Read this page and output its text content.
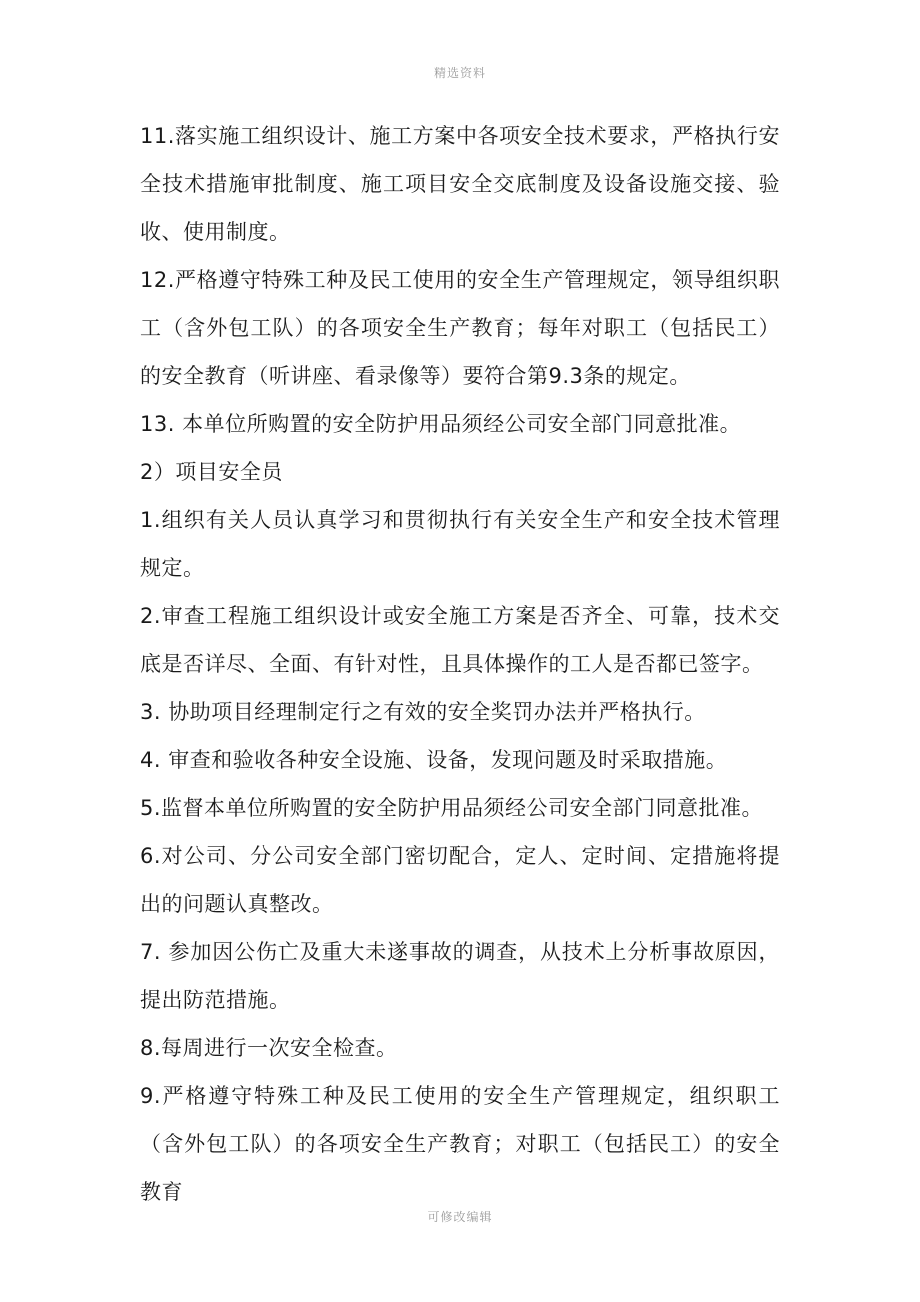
精选资料

11.落实施工组织设计、施工方案中各项安全技术要求，严格执行安全技术措施审批制度、施工项目安全交底制度及设备设施交接、验收、使用制度。

12.严格遵守特殊工种及民工使用的安全生产管理规定，领导组织职工（含外包工队）的各项安全生产教育；每年对职工（包括民工）的安全教育（听讲座、看录像等）要符合第9.3条的规定。

13. 本单位所购置的安全防护用品须经公司安全部门同意批准。

2）项目安全员

1.组织有关人员认真学习和贯彻执行有关安全生产和安全技术管理规定。

2.审查工程施工组织设计或安全施工方案是否齐全、可靠，技术交底是否详尽、全面、有针对性，且具体操作的工人是否都已签字。

3. 协助项目经理制定行之有效的安全奖罚办法并严格执行。

4. 审查和验收各种安全设施、设备，发现问题及时采取措施。

5.监督本单位所购置的安全防护用品须经公司安全部门同意批准。

6.对公司、分公司安全部门密切配合，定人、定时间、定措施将提出的问题认真整改。

7. 参加因公伤亡及重大未遂事故的调查，从技术上分析事故原因，提出防范措施。

8.每周进行一次安全检查。

9.严格遵守特殊工种及民工使用的安全生产管理规定，组织职工（含外包工队）的各项安全生产教育；对职工（包括民工）的安全教育

可修改编辑
